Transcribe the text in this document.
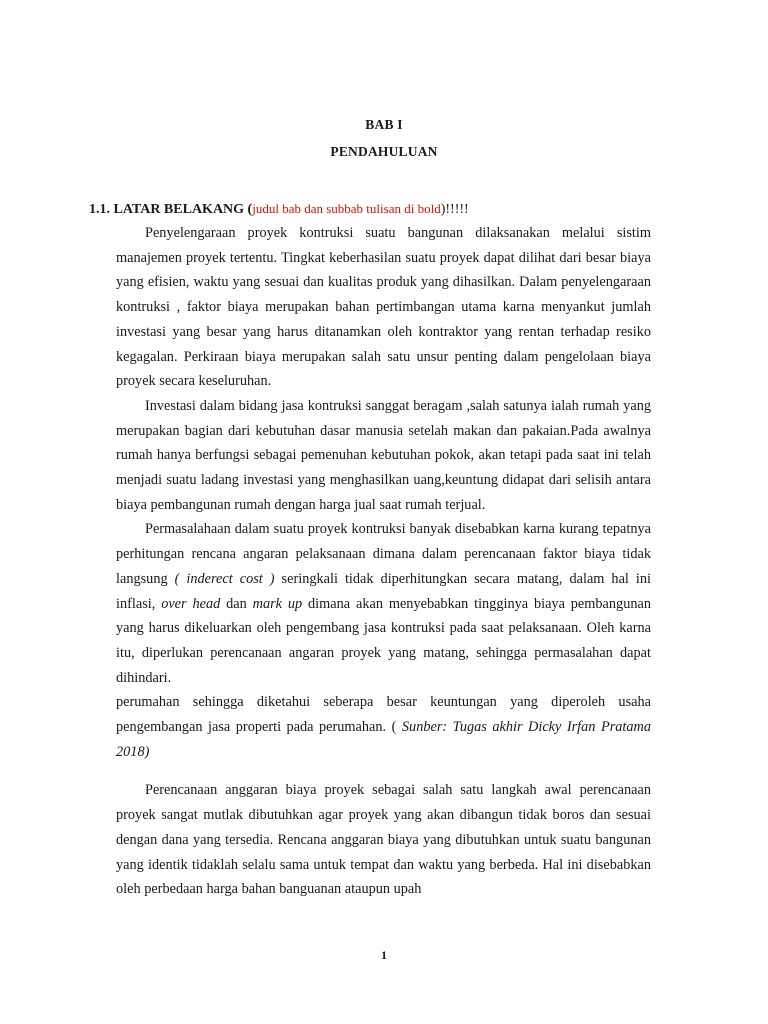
BAB I
PENDAHULUAN
1.1. LATAR BELAKANG (judul bab dan subbab tulisan di bold)!!!!!

Penyelengaraan proyek kontruksi suatu bangunan dilaksanakan melalui sistim manajemen proyek tertentu. Tingkat keberhasilan suatu proyek dapat dilihat dari besar biaya yang efisien, waktu yang sesuai dan kualitas produk yang dihasilkan. Dalam penyelengaraan kontruksi , faktor biaya merupakan bahan pertimbangan utama karna menyankut jumlah investasi yang besar yang harus ditanamkan oleh kontraktor yang rentan terhadap resiko kegagalan. Perkiraan biaya merupakan salah satu unsur penting dalam pengelolaan biaya proyek secara keseluruhan.

Investasi dalam bidang jasa kontruksi sanggat beragam ,salah satunya ialah rumah yang merupakan bagian dari kebutuhan dasar manusia setelah makan dan pakaian.Pada awalnya rumah hanya berfungsi sebagai pemenuhan kebutuhan pokok, akan tetapi pada saat ini telah menjadi suatu ladang investasi yang menghasilkan uang,keuntung didapat dari selisih antara biaya pembangunan rumah dengan harga jual saat rumah terjual.

Permasalahaan dalam suatu proyek kontruksi banyak disebabkan karna kurang tepatnya perhitungan rencana angaran pelaksanaan dimana dalam perencanaan faktor biaya tidak langsung ( inderect cost ) seringkali tidak diperhitungkan secara matang, dalam hal ini inflasi, over head dan mark up dimana akan menyebabkan tingginya biaya pembangunan yang harus dikeluarkan oleh pengembang jasa kontruksi pada saat pelaksanaan. Oleh karna itu, diperlukan perencanaan angaran proyek yang matang, sehingga permasalahan dapat dihindari.

perumahan sehingga diketahui seberapa besar keuntungan yang diperoleh usaha pengembangan jasa properti pada perumahan. ( Sunber: Tugas akhir Dicky Irfan Pratama 2018)

Perencanaan anggaran biaya proyek sebagai salah satu langkah awal perencanaan proyek sangat mutlak dibutuhkan agar proyek yang akan dibangun tidak boros dan sesuai dengan dana yang tersedia. Rencana anggaran biaya yang dibutuhkan untuk suatu bangunan yang identik tidaklah selalu sama untuk tempat dan waktu yang berbeda. Hal ini disebabkan oleh perbedaan harga bahan banguanan ataupun upah

1
